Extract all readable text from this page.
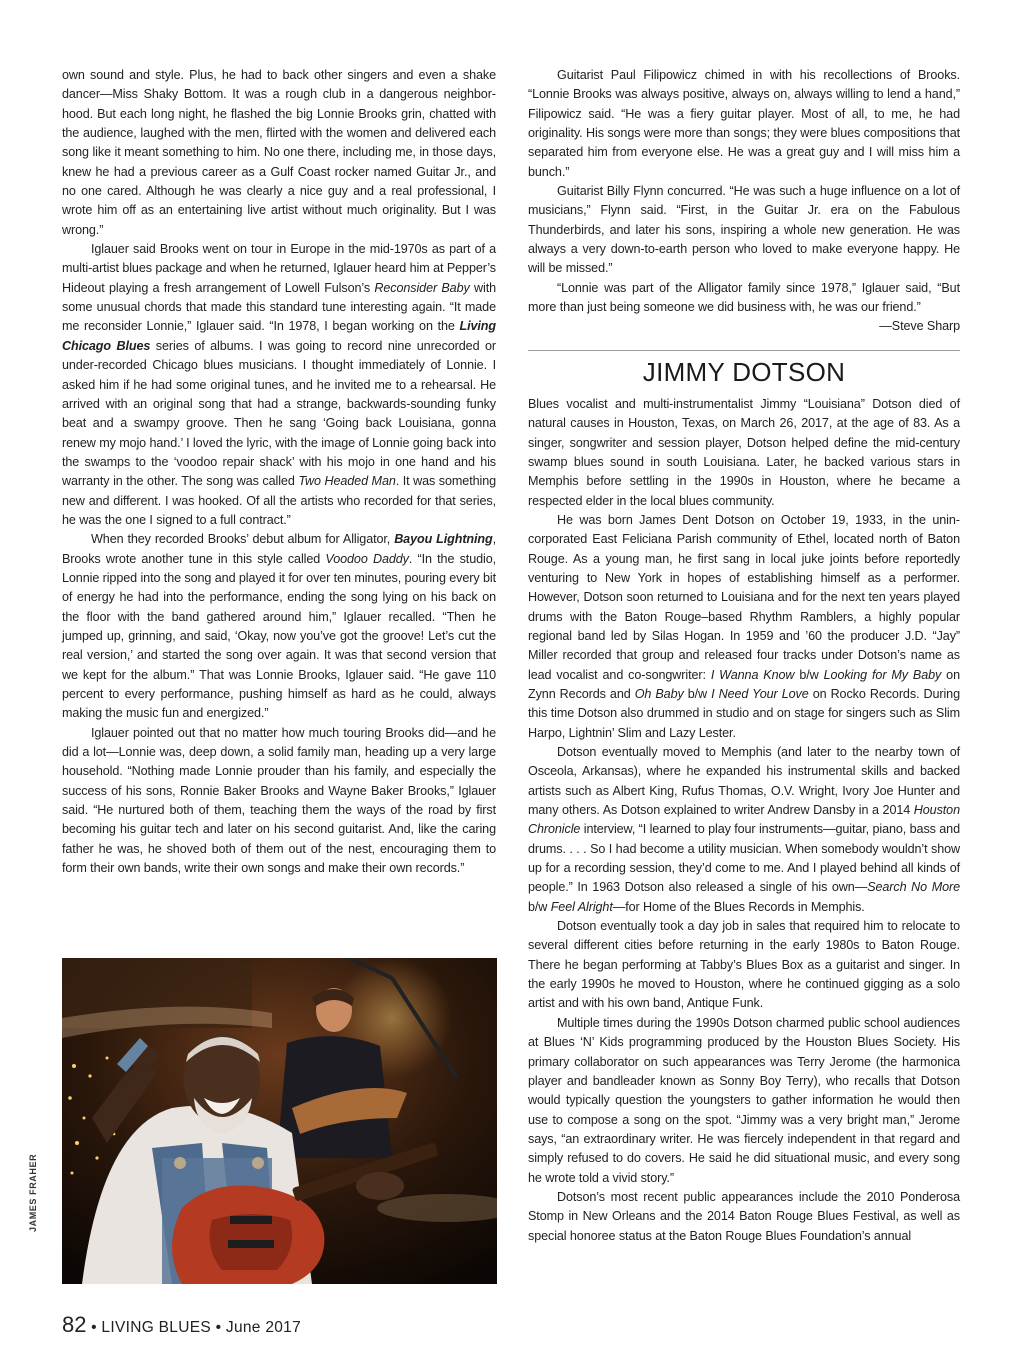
own sound and style. Plus, he had to back other singers and even a shake dancer—Miss Shaky Bottom. It was a rough club in a dangerous neighborhood. But each long night, he flashed the big Lonnie Brooks grin, chatted with the audience, laughed with the men, flirted with the women and delivered each song like it meant something to him. No one there, including me, in those days, knew he had a previous career as a Gulf Coast rocker named Guitar Jr., and no one cared. Although he was clearly a nice guy and a real professional, I wrote him off as an entertaining live artist without much originality. But I was wrong.”

Iglauer said Brooks went on tour in Europe in the mid-1970s as part of a multi-artist blues package and when he returned, Iglauer heard him at Pepper’s Hideout playing a fresh arrangement of Lowell Fulson’s Reconsider Baby with some unusual chords that made this standard tune interesting again. “It made me reconsider Lonnie,” Iglauer said. “In 1978, I began working on the Living Chicago Blues series of albums. I was going to record nine unrecorded or under-recorded Chicago blues musicians. I thought immediately of Lonnie. I asked him if he had some original tunes, and he invited me to a rehearsal. He arrived with an original song that had a strange, backwards-sounding funky beat and a swampy groove. Then he sang ‘Going back Louisiana, gonna renew my mojo hand.’ I loved the lyric, with the image of Lonnie going back into the swamps to the ‘voodoo repair shack’ with his mojo in one hand and his warranty in the other. The song was called Two Headed Man. It was something new and different. I was hooked. Of all the artists who recorded for that series, he was the one I signed to a full contract.”

When they recorded Brooks’ debut album for Alligator, Bayou Lightning, Brooks wrote another tune in this style called Voodoo Daddy. “In the studio, Lonnie ripped into the song and played it for over ten minutes, pouring every bit of energy he had into the performance, ending the song lying on his back on the floor with the band gathered around him,” Iglauer recalled. “Then he jumped up, grinning, and said, ‘Okay, now you’ve got the groove! Let’s cut the real version,’ and started the song over again. It was that second version that we kept for the album.” That was Lonnie Brooks, Iglauer said. “He gave 110 percent to every performance, pushing himself as hard as he could, always making the music fun and energized.”

Iglauer pointed out that no matter how much touring Brooks did—and he did a lot—Lonnie was, deep down, a solid family man, heading up a very large household. “Nothing made Lonnie prouder than his family, and especially the success of his sons, Ronnie Baker Brooks and Wayne Baker Brooks,” Iglauer said. “He nurtured both of them, teaching them the ways of the road by first becoming his guitar tech and later on his second guitarist. And, like the caring father he was, he shoved both of them out of the nest, encouraging them to form their own bands, write their own songs and make their own records.”

Guitarist Paul Filipowicz chimed in with his recollections of Brooks. “Lonnie Brooks was always positive, always on, always willing to lend a hand,” Filipowicz said. “He was a fiery guitar player. Most of all, to me, he had originality. His songs were more than songs; they were blues compositions that separated him from everyone else. He was a great guy and I will miss him a bunch.”

Guitarist Billy Flynn concurred. “He was such a huge influence on a lot of musicians,” Flynn said. “First, in the Guitar Jr. era on the Fabulous Thunderbirds, and later his sons, inspiring a whole new generation. He was always a very down-to-earth person who loved to make everyone happy. He will be missed.”

“Lonnie was part of the Alligator family since 1978,” Iglauer said, “But more than just being someone we did business with, he was our friend.”

—Steve Sharp

JIMMY DOTSON

Blues vocalist and multi-instrumentalist Jimmy “Louisiana” Dotson died of natural causes in Houston, Texas, on March 26, 2017, at the age of 83. As a singer, songwriter and session player, Dotson helped define the mid-century swamp blues sound in south Louisiana. Later, he backed various stars in Memphis before settling in the 1990s in Houston, where he became a respected elder in the local blues community.

He was born James Dent Dotson on October 19, 1933, in the unincorporated East Feliciana Parish community of Ethel, located north of Baton Rouge. As a young man, he first sang in local juke joints before reportedly venturing to New York in hopes of establishing himself as a performer. However, Dotson soon returned to Louisiana and for the next ten years played drums with the Baton Rouge–based Rhythm Ramblers, a highly popular regional band led by Silas Hogan. In 1959 and ’60 the producer J.D. “Jay” Miller recorded that group and released four tracks under Dotson’s name as lead vocalist and co-songwriter: I Wanna Know b/w Looking for My Baby on Zynn Records and Oh Baby b/w I Need Your Love on Rocko Records. During this time Dotson also drummed in studio and on stage for singers such as Slim Harpo, Lightnin’ Slim and Lazy Lester.

Dotson eventually moved to Memphis (and later to the nearby town of Osceola, Arkansas), where he expanded his instrumental skills and backed artists such as Albert King, Rufus Thomas, O.V. Wright, Ivory Joe Hunter and many others. As Dotson explained to writer Andrew Dansby in a 2014 Houston Chronicle interview, “I learned to play four instruments—guitar, piano, bass and drums. . . . So I had become a utility musician. When somebody wouldn’t show up for a recording session, they’d come to me. And I played behind all kinds of people.” In 1963 Dotson also released a single of his own—Search No More b/w Feel Alright—for Home of the Blues Records in Memphis.

Dotson eventually took a day job in sales that required him to relocate to several different cities before returning in the early 1980s to Baton Rouge. There he began performing at Tabby’s Blues Box as a guitarist and singer. In the early 1990s he moved to Houston, where he continued gigging as a solo artist and with his own band, Antique Funk.

Multiple times during the 1990s Dotson charmed public school audiences at Blues ‘N’ Kids programming produced by the Houston Blues Society. His primary collaborator on such appearances was Terry Jerome (the harmonica player and bandleader known as Sonny Boy Terry), who recalls that Dotson would typically question the youngsters to gather information he would then use to compose a song on the spot. “Jimmy was a very bright man,” Jerome says, “an extraordinary writer. He was fiercely independent in that regard and simply refused to do covers. He said he did situational music, and every song he wrote told a vivid story.”

Dotson’s most recent public appearances include the 2010 Ponderosa Stomp in New Orleans and the 2014 Baton Rouge Blues Festival, as well as special honoree status at the Baton Rouge Blues Foundation’s annual

JAMES FRAHER
82 • LIVING BLUES • June 2017
